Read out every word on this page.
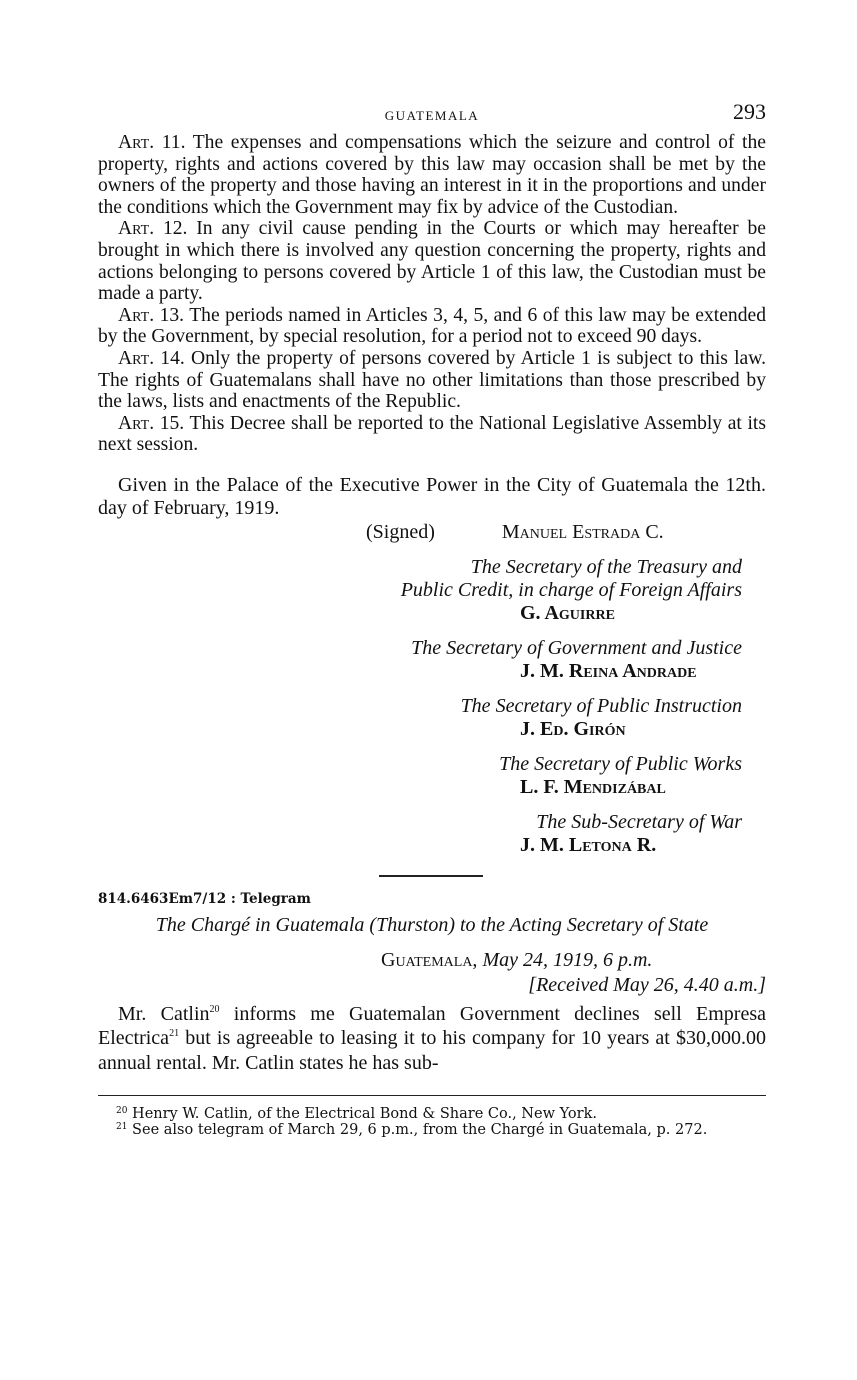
GUATEMALA	293

Art. 11. The expenses and compensations which the seizure and control of the property, rights and actions covered by this law may occasion shall be met by the owners of the property and those having an interest in it in the proportions and under the conditions which the Government may fix by advice of the Custodian.

Art. 12. In any civil cause pending in the Courts or which may hereafter be brought in which there is involved any question concerning the property, rights and actions belonging to persons covered by Article 1 of this law, the Custodian must be made a party.

Art. 13. The periods named in Articles 3, 4, 5, and 6 of this law may be extended by the Government, by special resolution, for a period not to exceed 90 days.

Art. 14. Only the property of persons covered by Article 1 is subject to this law. The rights of Guatemalans shall have no other limitations than those prescribed by the laws, lists and enactments of the Republic.

Art. 15. This Decree shall be reported to the National Legislative Assembly at its next session.

Given in the Palace of the Executive Power in the City of Guatemala the 12th. day of February, 1919.

(Signed)	Manuel Estrada C.
The Secretary of the Treasury and
Public Credit, in charge of Foreign Affairs
G. Aguirre
The Secretary of Government and Justice
J. M. Reina Andrade
The Secretary of Public Instruction
J. Ed. Girón
The Secretary of Public Works
L. F. Mendizábal
The Sub-Secretary of War
J. M. Letona R.
814.6463Em7/12 : Telegram
The Chargé in Guatemala (Thurston) to the Acting Secretary of State
Guatemala, May 24, 1919, 6 p.m.
[Received May 26, 4.40 a.m.]

Mr. Catlin$^{20}$ informs me Guatemalan Government declines sell Empresa Electrica$^{21}$ but is agreeable to leasing it to his company for 10 years at $30,000.00 annual rental. Mr. Catlin states he has sub-

$^{20}$ Henry W. Catlin, of the Electrical Bond & Share Co., New York.
$^{21}$ See also telegram of March 29, 6 p.m., from the Chargé in Guatemala, p. 272.
